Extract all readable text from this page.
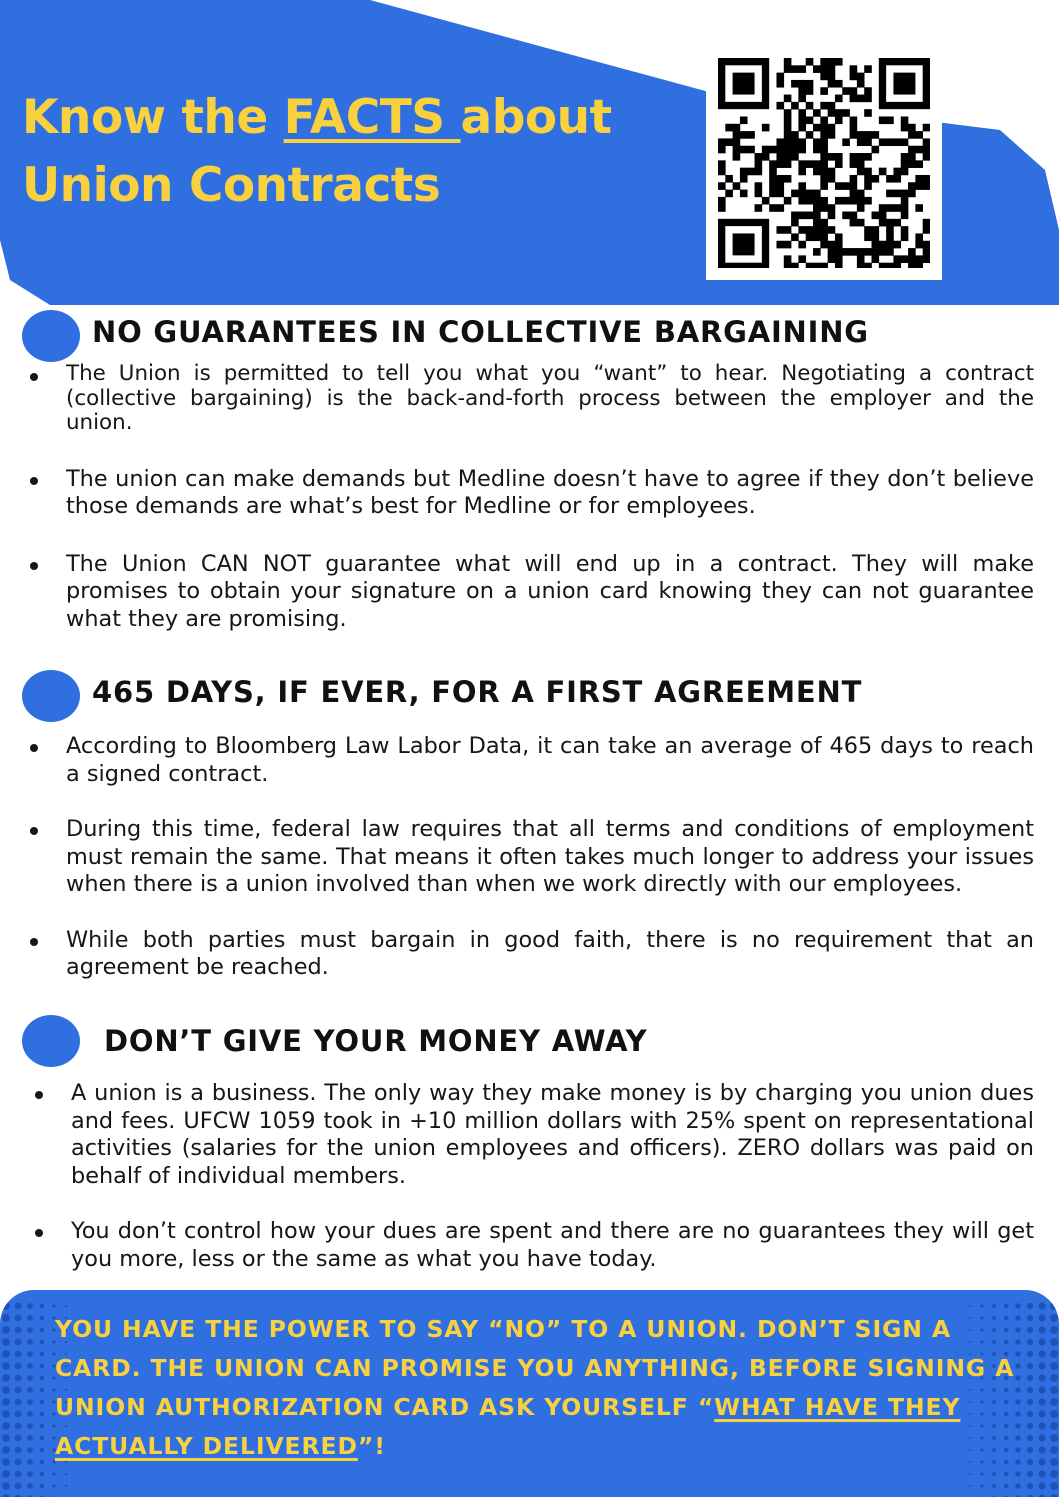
Know the FACTS about
Union Contracts
NO GUARANTEES IN COLLECTIVE BARGAINING
The Union is permitted to tell you what you “want” to hear. Negotiating a contract (collective bargaining) is the back-and-forth process between the employer and the union.
The union can make demands but Medline doesn’t have to agree if they don’t believe those demands are what’s best for Medline or for employees.
The Union CAN NOT guarantee what will end up in a contract. They will make promises to obtain your signature on a union card knowing they can not guarantee what they are promising.
465 DAYS, IF EVER, FOR A FIRST AGREEMENT
According to Bloomberg Law Labor Data, it can take an average of 465 days to reach a signed contract.
During this time, federal law requires that all terms and conditions of employment must remain the same. That means it often takes much longer to address your issues when there is a union involved than when we work directly with our employees.
While both parties must bargain in good faith, there is no requirement that an agreement be reached.
DON’T GIVE YOUR MONEY AWAY
A union is a business. The only way they make money is by charging you union dues and fees. UFCW 1059 took in +10 million dollars with 25% spent on representational activities (salaries for the union employees and officers). ZERO dollars was paid on behalf of individual members.
You don’t control how your dues are spent and there are no guarantees they will get you more, less or the same as what you have today.
YOU HAVE THE POWER TO SAY “NO” TO A UNION. DON’T SIGN A CARD. THE UNION CAN PROMISE YOU ANYTHING, BEFORE SIGNING A UNION AUTHORIZATION CARD ASK YOURSELF “WHAT HAVE THEY ACTUALLY DELIVERED”!
